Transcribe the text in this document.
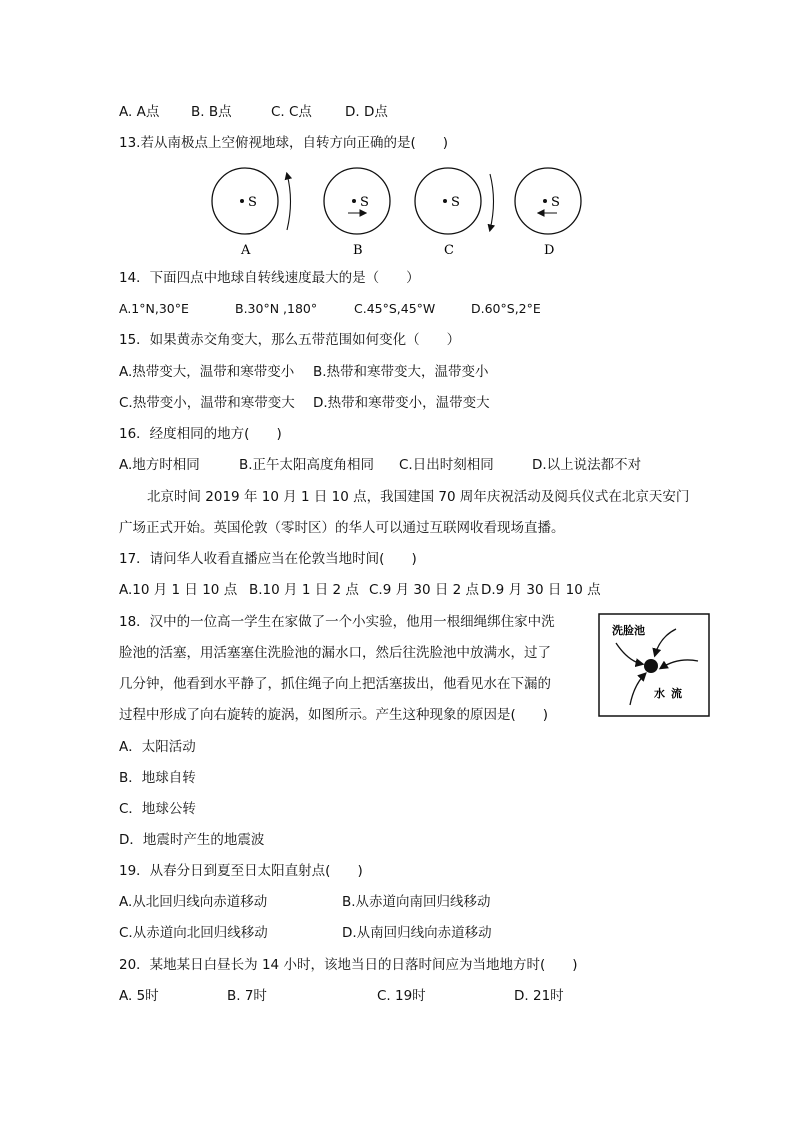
A. A点 B. B点	C. C点 D. D点
13.若从南极点上空俯视地球，自转方向正确的是(　　)
S
A
S
B
S
C
S
D
14．下面四点中地球自转线速度最大的是（　　）
A.1°N,30°E	B.30°N ,180°	C.45°S,45°W	D.60°S,2°E
15．如果黄赤交角变大，那么五带范围如何变化（　　）
A.热带变大，温带和寒带变小 B.热带和寒带变大，温带变小
C.热带变小，温带和寒带变大 D.热带和寒带变小，温带变大
16．经度相同的地方(　　)
A.地方时相同	B.正午太阳高度角相同 C.日出时刻相同	D.以上说法都不对
北京时间 2019 年 10 月 1 日 10 点，我国建国 70 周年庆祝活动及阅兵仪式在北京天安门
广场正式开始。英国伦敦（零时区）的华人可以通过互联网收看现场直播。
17．请问华人收看直播应当在伦敦当地时间(　　)
A.10 月 1 日 10 点 B.10 月 1 日 2 点 C.9 月 30 日 2 点 D.9 月 30 日 10 点
18．汉中的一位高一学生在家做了一个小实验，他用一根细绳绑住家中洗
脸池的活塞，用活塞塞住洗脸池的漏水口，然后往洗脸池中放满水，过了
几分钟，他看到水平静了，抓住绳子向上把活塞拔出，他看见水在下漏的
过程中形成了向右旋转的旋涡，如图所示。产生这种现象的原因是(　　)
洗脸池
水 流
A．太阳活动
B．地球自转
C．地球公转
D．地震时产生的地震波
19．从春分日到夏至日太阳直射点(　　)
A.从北回归线向赤道移动	B.从赤道向南回归线移动
C.从赤道向北回归线移动	D.从南回归线向赤道移动
20．某地某日白昼长为 14 小时，该地当日的日落时间应为当地地方时(　　)
A. 5时	B. 7时	C. 19时	D. 21时
